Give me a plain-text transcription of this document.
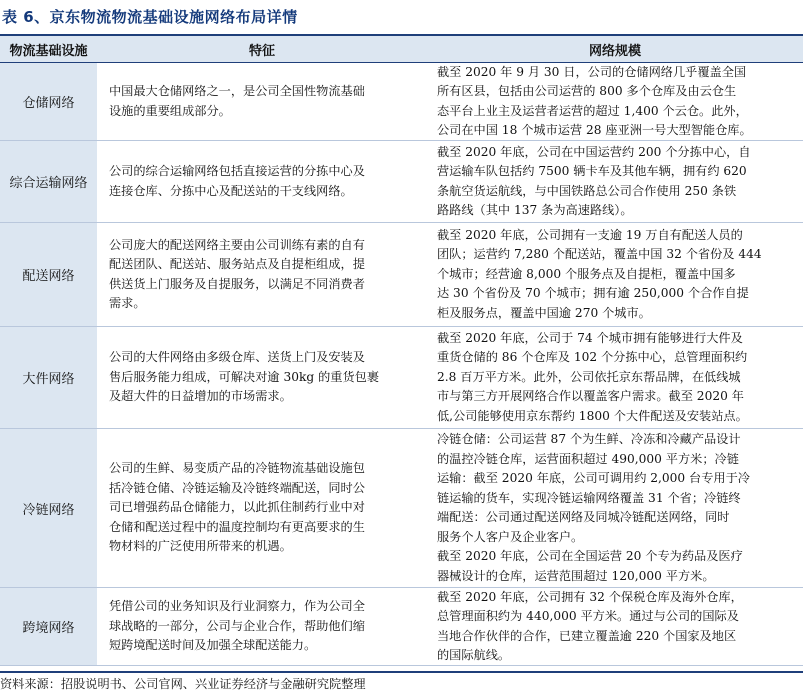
表 6、京东物流物流基础设施网络布局详情
物流基础设施	特征	网络规模
仓储网络
中国最大仓储网络之一，是公司全国性物流基础
设施的重要组成部分。
截至 2020 年 9 月 30 日，公司的仓储网络几乎覆盖全国
所有区县，包括由公司运营的 800 多个仓库及由云仓生
态平台上业主及运营者运营的超过 1,400 个云仓。此外，
公司在中国 18 个城市运营 28 座亚洲一号大型智能仓库。
综合运输网络
公司的综合运输网络包括直接运营的分拣中心及
连接仓库、分拣中心及配送站的干支线网络。
截至 2020 年底，公司在中国运营约 200 个分拣中心，自
营运输车队包括约 7500 辆卡车及其他车辆，拥有约 620
条航空货运航线，与中国铁路总公司合作使用 250 条铁
路路线（其中 137 条为高速路线）。
配送网络
公司庞大的配送网络主要由公司训练有素的自有
配送团队、配送站、服务站点及自提柜组成，提
供送货上门服务及自提服务，以满足不同消费者
需求。
截至 2020 年底，公司拥有一支逾 19 万自有配送人员的
团队；运营约 7,280 个配送站，覆盖中国 32 个省份及 444
个城市；经营逾 8,000 个服务点及自提柜，覆盖中国多
达 30 个省份及 70 个城市；拥有逾 250,000 个合作自提
柜及服务点，覆盖中国逾 270 个城市。
大件网络
公司的大件网络由多级仓库、送货上门及安装及
售后服务能力组成，可解决对逾 30kg 的重货包裹
及超大件的日益增加的市场需求。
截至 2020 年底，公司于 74 个城市拥有能够进行大件及
重货仓储的 86 个仓库及 102 个分拣中心，总管理面积约
2.8 百万平方米。此外，公司依托京东帮品牌，在低线城
市与第三方开展网络合作以覆盖客户需求。截至 2020 年
低,公司能够使用京东帮约 1800 个大件配送及安装站点。
冷链网络
公司的生鲜、易变质产品的冷链物流基础设施包
括冷链仓储、冷链运输及冷链终端配送，同时公
司已增强药品仓储能力，以此抓住制药行业中对
仓储和配送过程中的温度控制均有更高要求的生
物材料的广泛使用所带来的机遇。
冷链仓储：公司运营 87 个为生鲜、冷冻和冷藏产品设计
的温控冷链仓库，运营面积超过 490,000 平方米；冷链
运输：截至 2020 年底，公司可调用约 2,000 台专用于冷
链运输的货车，实现冷链运输网络覆盖 31 个省；冷链终
端配送：公司通过配送网络及同城冷链配送网络，同时
服务个人客户及企业客户。
截至 2020 年底，公司在全国运营 20 个专为药品及医疗
器械设计的仓库，运营范围超过 120,000 平方米。
跨境网络
凭借公司的业务知识及行业洞察力，作为公司全
球战略的一部分，公司与企业合作，帮助他们缩
短跨境配送时间及加强全球配送能力。
截至 2020 年底，公司拥有 32 个保税仓库及海外仓库，
总管理面积约为 440,000 平方米。通过与公司的国际及
当地合作伙伴的合作，已建立覆盖逾 220 个国家及地区
的国际航线。
资料来源：招股说明书、公司官网、兴业证券经济与金融研究院整理
